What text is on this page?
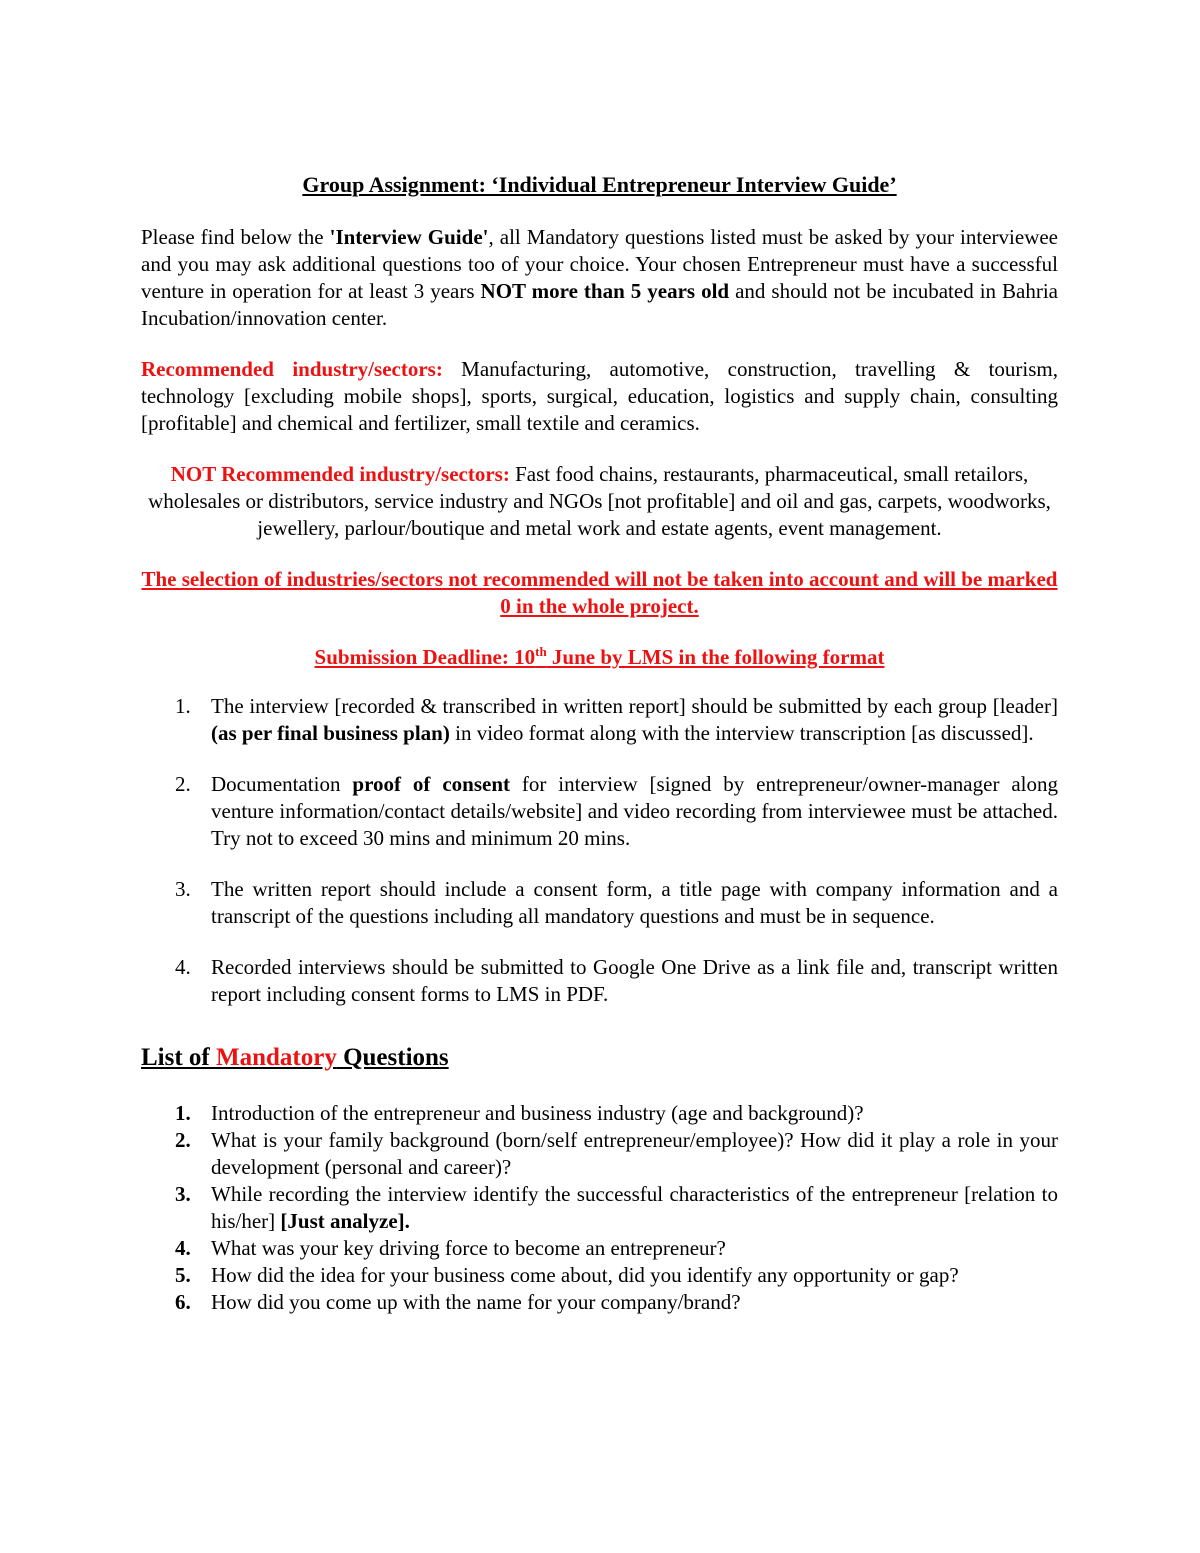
Group Assignment: ‘Individual Entrepreneur Interview Guide’

Please find below the 'Interview Guide', all Mandatory questions listed must be asked by your interviewee and you may ask additional questions too of your choice. Your chosen Entrepreneur must have a successful venture in operation for at least 3 years NOT more than 5 years old and should not be incubated in Bahria Incubation/innovation center.

Recommended industry/sectors: Manufacturing, automotive, construction, travelling & tourism, technology [excluding mobile shops], sports, surgical, education, logistics and supply chain, consulting [profitable] and chemical and fertilizer, small textile and ceramics.

NOT Recommended industry/sectors: Fast food chains, restaurants, pharmaceutical, small retailors, wholesales or distributors, service industry and NGOs [not profitable] and oil and gas, carpets, woodworks, jewellery, parlour/boutique and metal work and estate agents, event management.

The selection of industries/sectors not recommended will not be taken into account and will be marked 0 in the whole project.

Submission Deadline: 10th June by LMS in the following format

1. The interview [recorded & transcribed in written report] should be submitted by each group [leader] (as per final business plan) in video format along with the interview transcription [as discussed].
2. Documentation proof of consent for interview [signed by entrepreneur/owner-manager along venture information/contact details/website] and video recording from interviewee must be attached. Try not to exceed 30 mins and minimum 20 mins.
3. The written report should include a consent form, a title page with company information and a transcript of the questions including all mandatory questions and must be in sequence.
4. Recorded interviews should be submitted to Google One Drive as a link file and, transcript written report including consent forms to LMS in PDF.

List of Mandatory Questions

1. Introduction of the entrepreneur and business industry (age and background)?
2. What is your family background (born/self entrepreneur/employee)? How did it play a role in your development (personal and career)?
3. While recording the interview identify the successful characteristics of the entrepreneur [relation to his/her] [Just analyze].
4. What was your key driving force to become an entrepreneur?
5. How did the idea for your business come about, did you identify any opportunity or gap?
6. How did you come up with the name for your company/brand?
